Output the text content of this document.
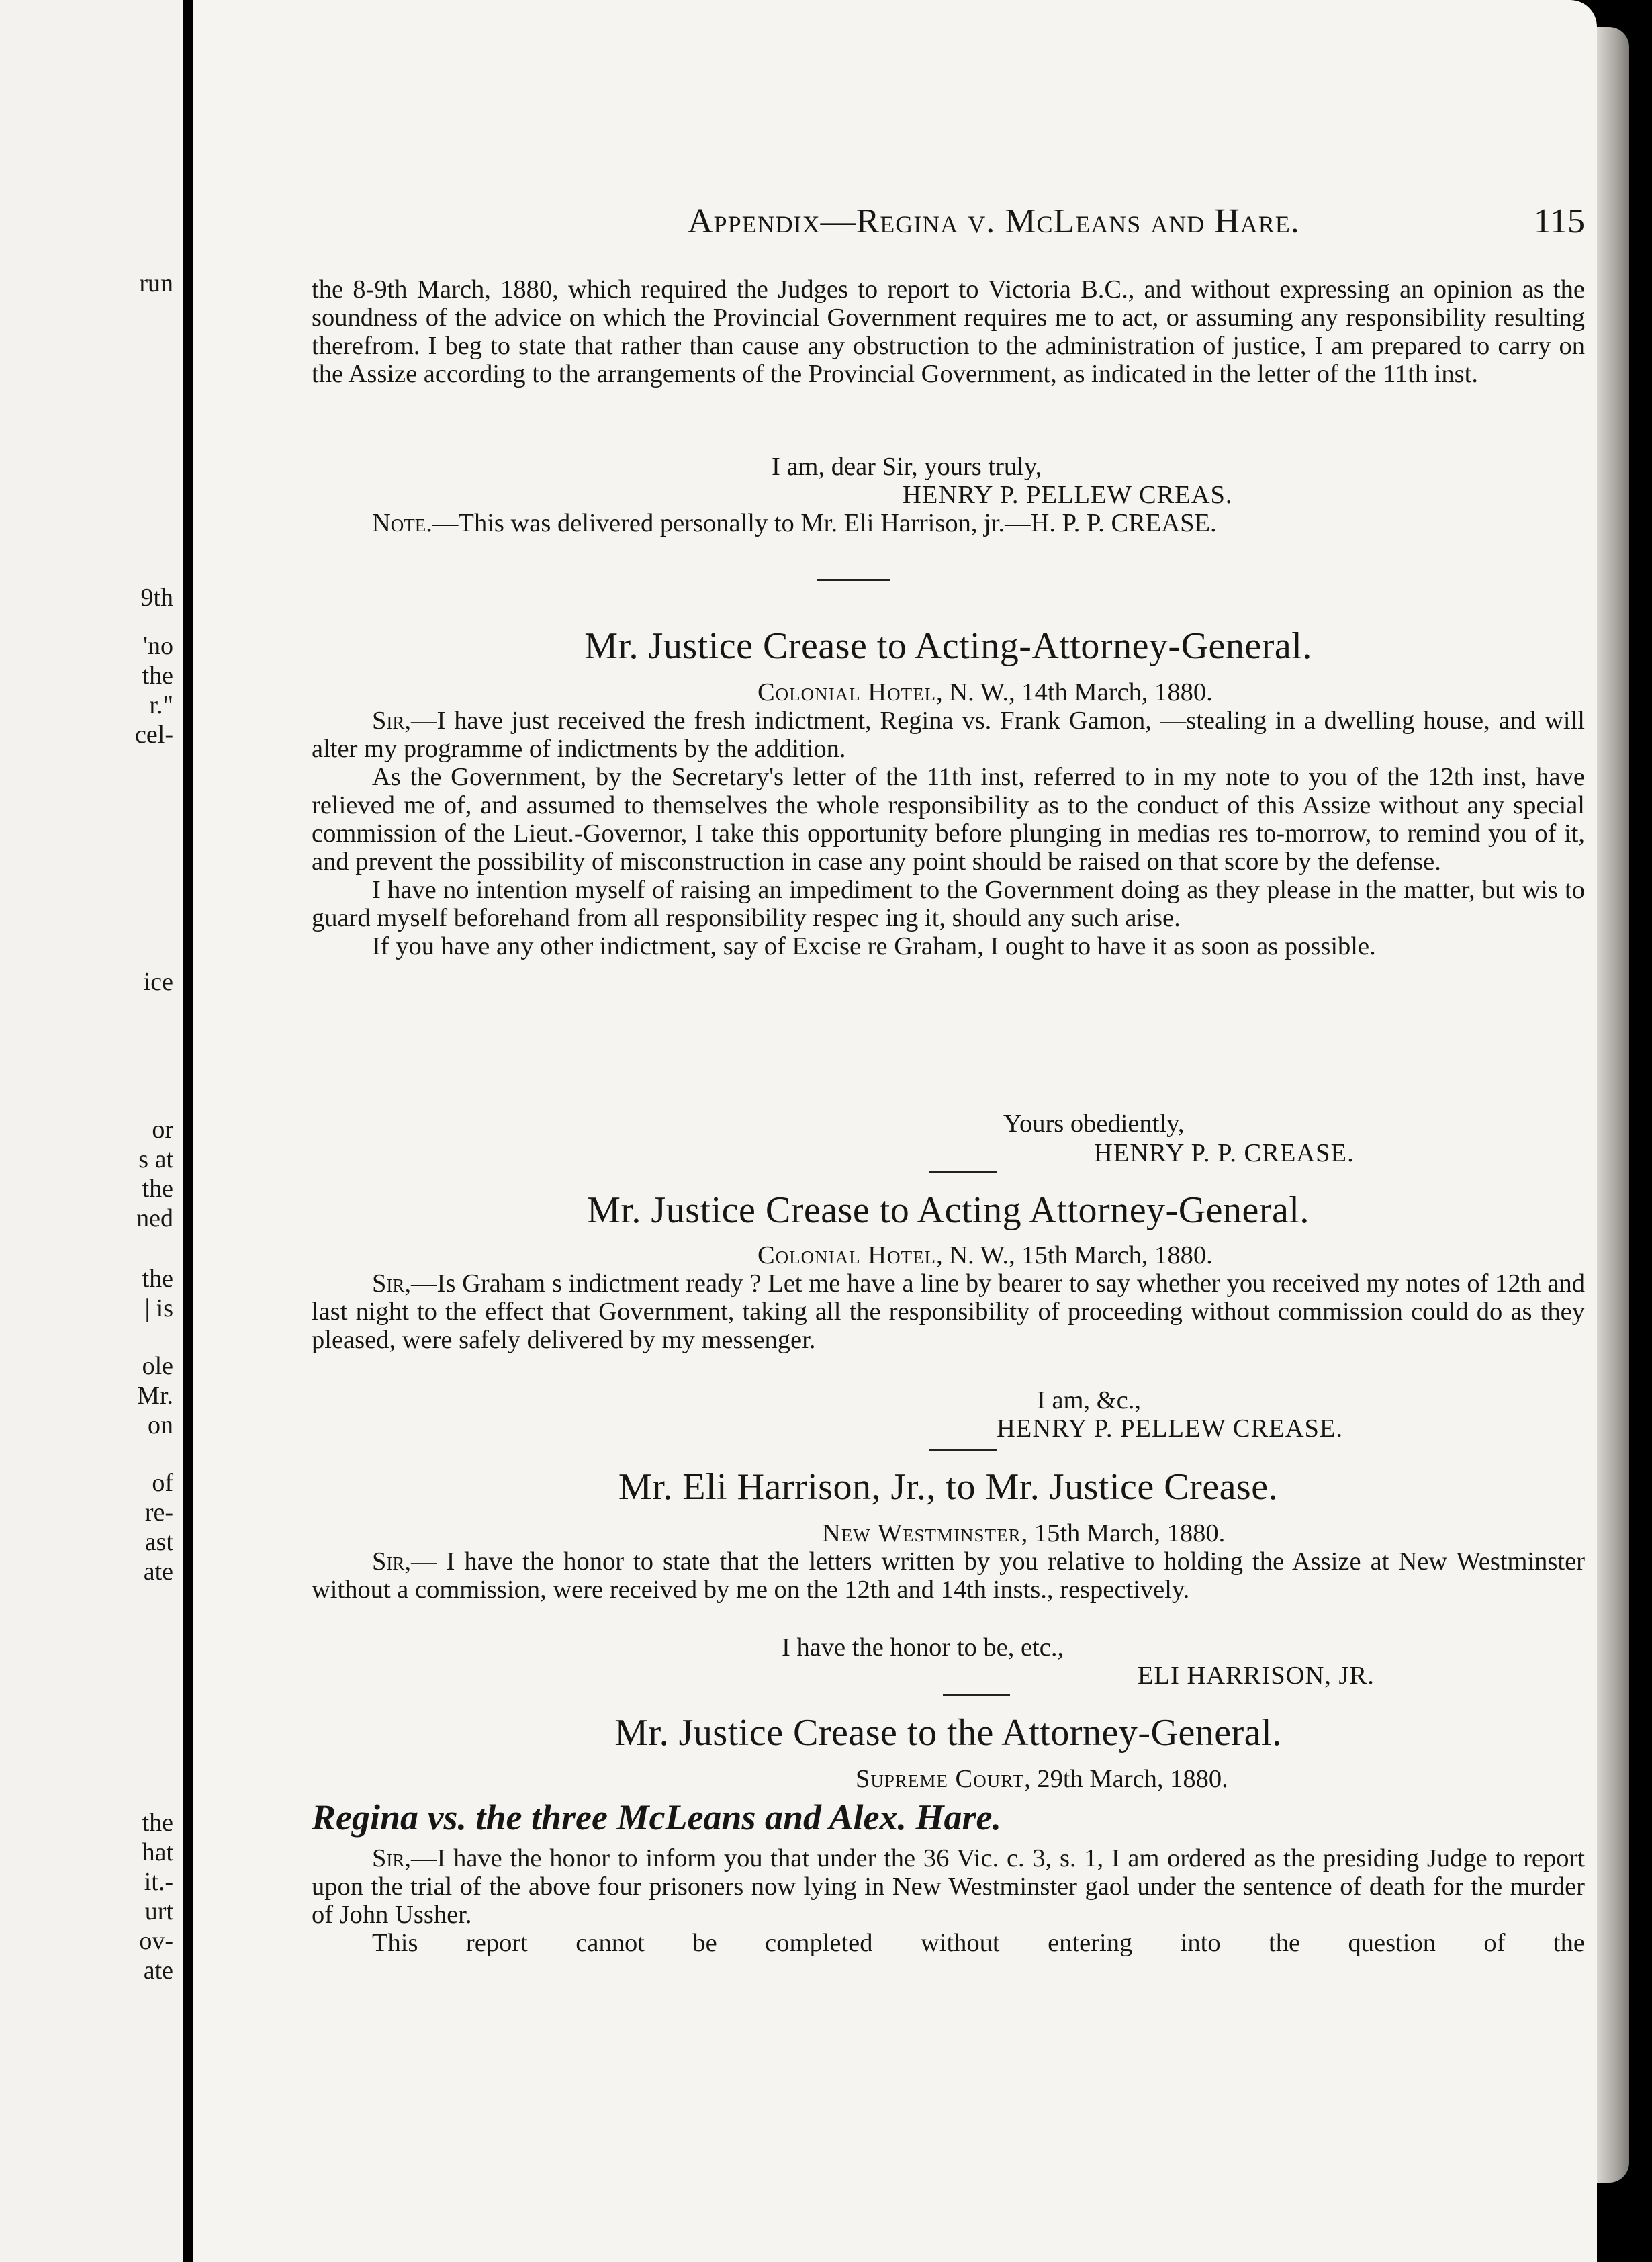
run
9th
'no
the
r."
cel-
ice
or
s at
the
ned
the
| is
ole
Mr.
on
of
re-
ast
ate
the
hat
it.-
urt
ov-
ate
Appendix—Regina v. McLeans and Hare.	115

the 8-9th March, 1880, which required the Judges to report to Victoria B.C., and without expressing an opinion as the soundness of the advice on which the Provincial Government requires me to act, or assuming any responsibility resulting therefrom. I beg to state that rather than cause any obstruction to the administration of justice, I am prepared to carry on the Assize according to the arrangements of the Provincial Government, as indicated in the letter of the 11th inst.

I am, dear Sir, yours truly,
HENRY P. PELLEW CREAS.

Note.—This was delivered personally to Mr. Eli Harrison, jr.—H. P. P. CREASE.

Mr. Justice Crease to Acting-Attorney-General.
Colonial Hotel, N. W., 14th March, 1880.

Sir,—I have just received the fresh indictment, Regina vs. Frank Gamon, —stealing in a dwelling house, and will alter my programme of indictments by the addition.

As the Government, by the Secretary's letter of the 11th inst, referred to in my note to you of the 12th inst, have relieved me of, and assumed to themselves the whole responsibility as to the conduct of this Assize without any special commission of the Lieut.-Governor, I take this opportunity before plunging in medias res to-morrow, to remind you of it, and prevent the possibility of misconstruction in case any point should be raised on that score by the defense.

I have no intention myself of raising an impediment to the Government doing as they please in the matter, but wis to guard myself beforehand from all responsibility respec ing it, should any such arise.

If you have any other indictment, say of Excise re Graham, I ought to have it as soon as possible.

Yours obediently,
HENRY P. P. CREASE.
Mr. Justice Crease to Acting Attorney-General.
Colonial Hotel, N. W., 15th March, 1880.

Sir,—Is Graham s indictment ready ? Let me have a line by bearer to say whether you received my notes of 12th and last night to the effect that Government, taking all the responsibility of proceeding without commission could do as they pleased, were safely delivered by my messenger.

I am, &c.,
HENRY P. PELLEW CREASE.
Mr. Eli Harrison, Jr., to Mr. Justice Crease.
New Westminster, 15th March, 1880.

Sir,— I have the honor to state that the letters written by you relative to holding the Assize at New Westminster without a commission, were received by me on the 12th and 14th insts., respectively.

I have the honor to be, etc.,
ELI HARRISON, JR.
Mr. Justice Crease to the Attorney-General.
Supreme Court, 29th March, 1880.
Regina vs. the three McLeans and Alex. Hare.

Sir,—I have the honor to inform you that under the 36 Vic. c. 3, s. 1, I am ordered as the presiding Judge to report upon the trial of the above four prisoners now lying in New Westminster gaol under the sentence of death for the murder of John Ussher.

This report cannot be completed without entering into the question of the
